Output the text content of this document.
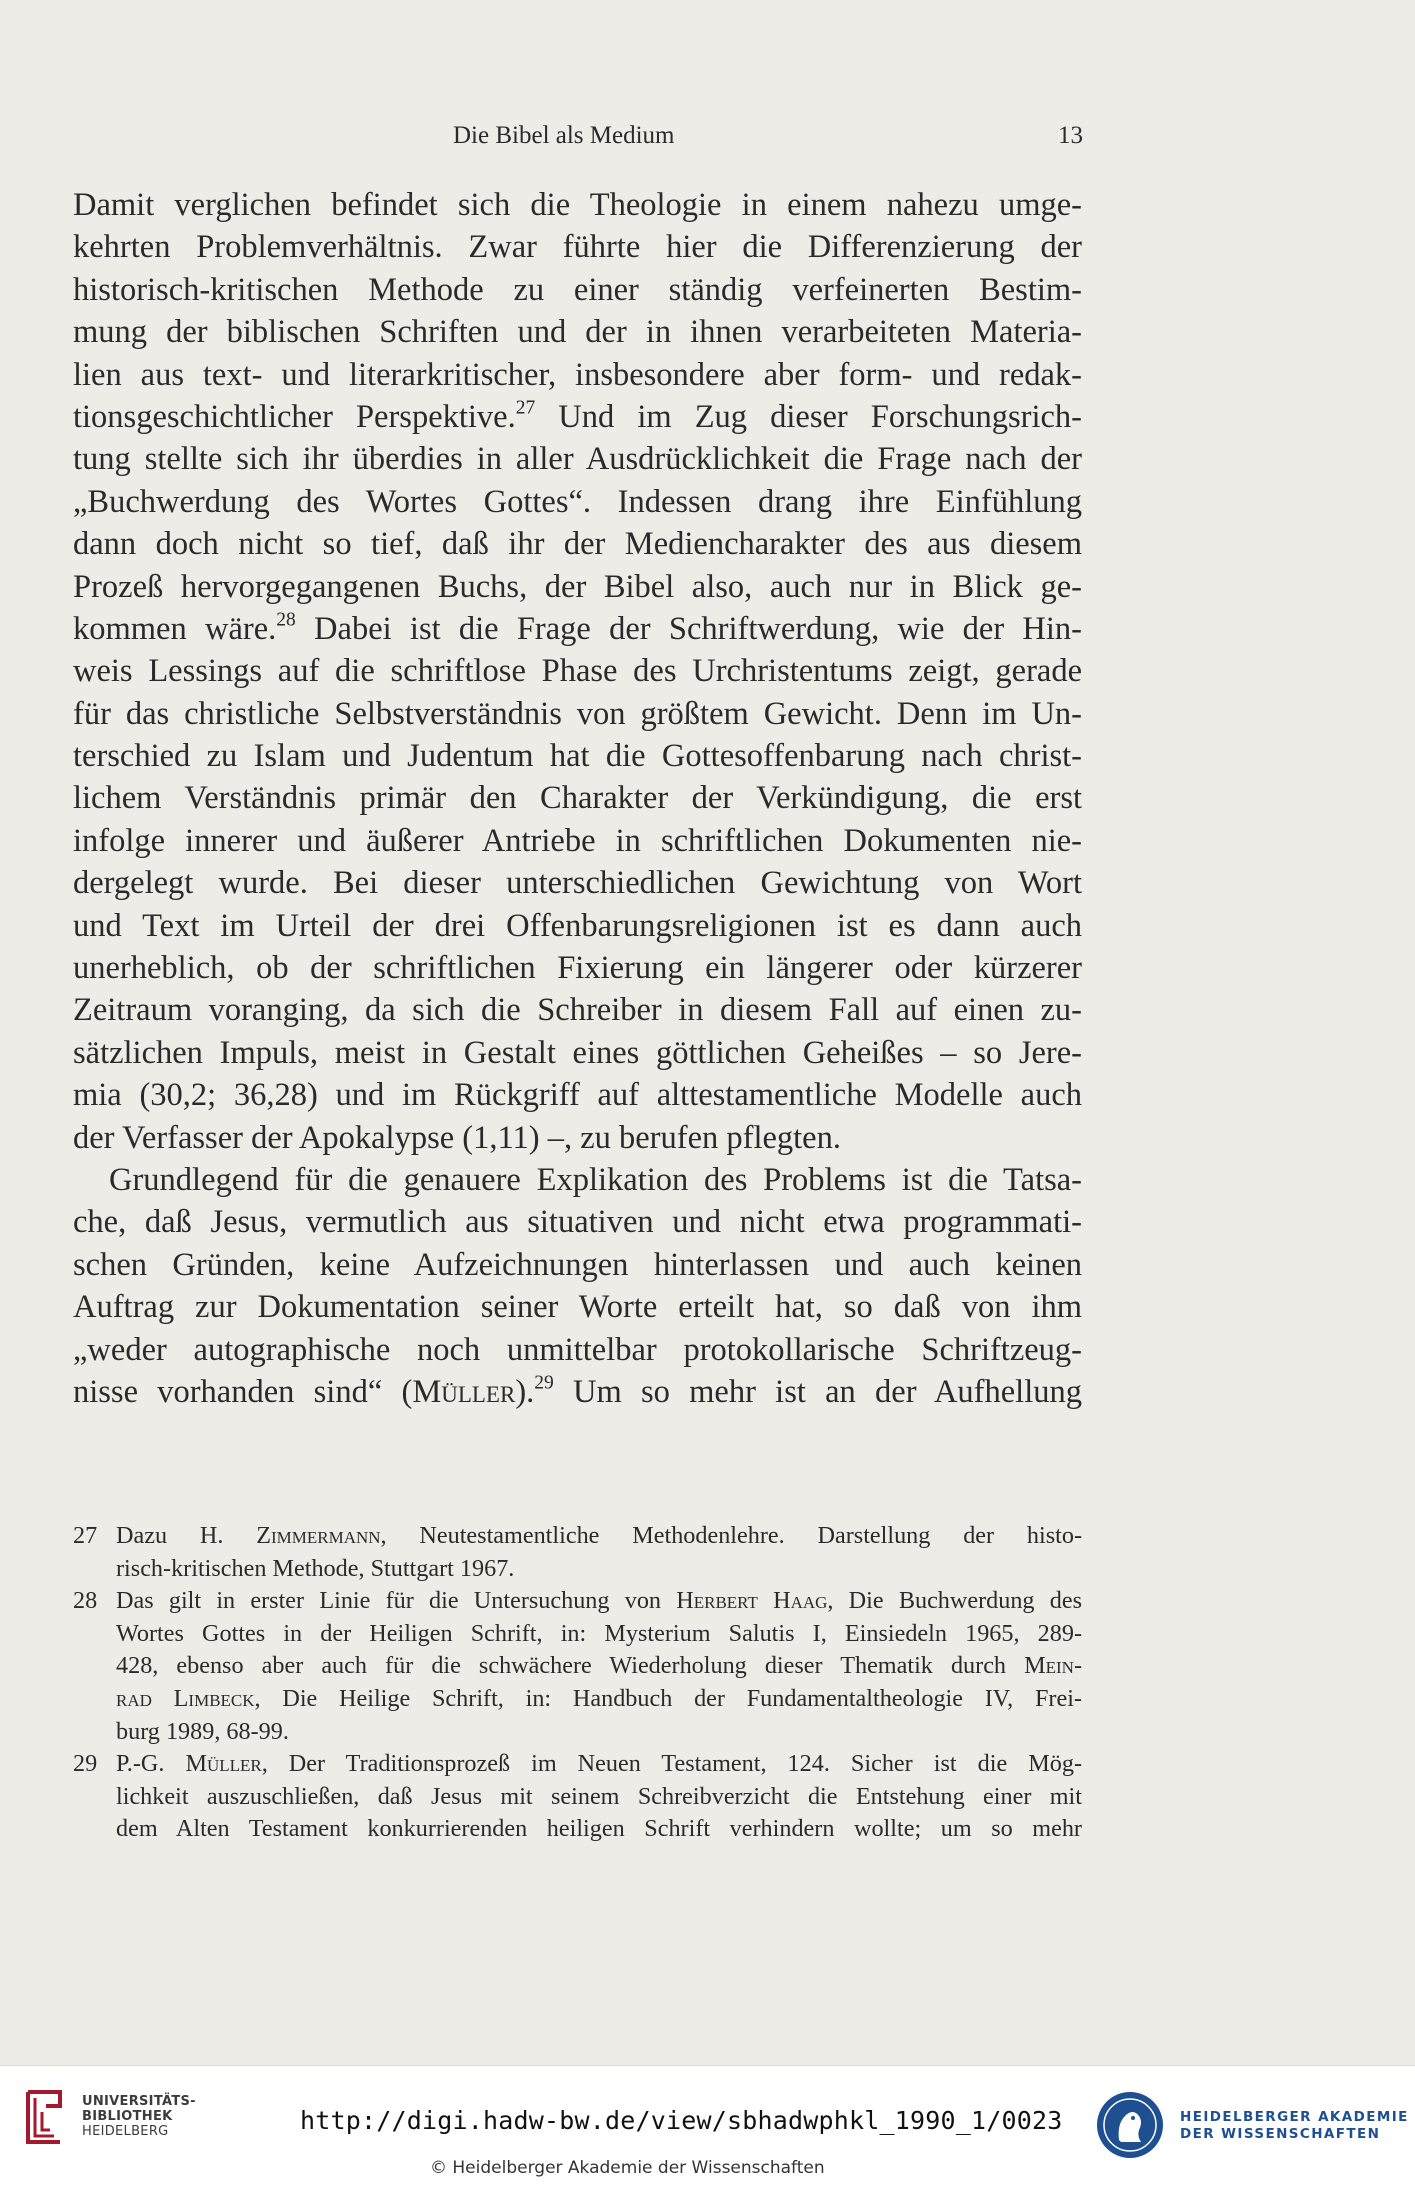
Die Bibel als Medium	13
Damit verglichen befindet sich die Theologie in einem nahezu umge-
kehrten Problemverhältnis. Zwar führte hier die Differenzierung der
historisch-kritischen Methode zu einer ständig verfeinerten Bestim-
mung der biblischen Schriften und der in ihnen verarbeiteten Materia-
lien aus text- und literarkritischer, insbesondere aber form- und redak-
tionsgeschichtlicher Perspektive.$^{27}$ Und im Zug dieser Forschungsrich-
tung stellte sich ihr überdies in aller Ausdrücklichkeit die Frage nach der
„Buchwerdung des Wortes Gottes“. Indessen drang ihre Einfühlung
dann doch nicht so tief, daß ihr der Mediencharakter des aus diesem
Prozeß hervorgegangenen Buchs, der Bibel also, auch nur in Blick ge-
kommen wäre.$^{28}$ Dabei ist die Frage der Schriftwerdung, wie der Hin-
weis Lessings auf die schriftlose Phase des Urchristentums zeigt, gerade
für das christliche Selbstverständnis von größtem Gewicht. Denn im Un-
terschied zu Islam und Judentum hat die Gottesoffenbarung nach christ-
lichem Verständnis primär den Charakter der Verkündigung, die erst
infolge innerer und äußerer Antriebe in schriftlichen Dokumenten nie-
dergelegt wurde. Bei dieser unterschiedlichen Gewichtung von Wort
und Text im Urteil der drei Offenbarungsreligionen ist es dann auch
unerheblich, ob der schriftlichen Fixierung ein längerer oder kürzerer
Zeitraum voranging, da sich die Schreiber in diesem Fall auf einen zu-
sätzlichen Impuls, meist in Gestalt eines göttlichen Geheißes – so Jere-
mia (30,2; 36,28) und im Rückgriff auf alttestamentliche Modelle auch
der Verfasser der Apokalypse (1,11) –, zu berufen pflegten.
Grundlegend für die genauere Explikation des Problems ist die Tatsa-
che, daß Jesus, vermutlich aus situativen und nicht etwa programmati-
schen Gründen, keine Aufzeichnungen hinterlassen und auch keinen
Auftrag zur Dokumentation seiner Worte erteilt hat, so daß von ihm
„weder autographische noch unmittelbar protokollarische Schriftzeug-
nisse vorhanden sind“ (Müller).$^{29}$ Um so mehr ist an der Aufhellung
27 Dazu H. Zimmermann, Neutestamentliche Methodenlehre. Darstellung der histo-
risch-kritischen Methode, Stuttgart 1967.
28 Das gilt in erster Linie für die Untersuchung von Herbert Haag, Die Buchwerdung des
Wortes Gottes in der Heiligen Schrift, in: Mysterium Salutis I, Einsiedeln 1965, 289-
428, ebenso aber auch für die schwächere Wiederholung dieser Thematik durch Mein-
rad Limbeck, Die Heilige Schrift, in: Handbuch der Fundamentaltheologie IV, Frei-
burg 1989, 68-99.
29 P.-G. Müller, Der Traditionsprozeß im Neuen Testament, 124. Sicher ist die Mög-
lichkeit auszuschließen, daß Jesus mit seinem Schreibverzicht die Entstehung einer mit
dem Alten Testament konkurrierenden heiligen Schrift verhindern wollte; um so mehr
UNIVERSITÄTS-
BIBLIOTHEK
HEIDELBERG	http://digi.hadw-bw.de/view/sbhadwphkl_1990_1/0023
© Heidelberger Akademie der Wissenschaften
HEIDELBERGER AKADEMIE
DER WISSENSCHAFTEN
